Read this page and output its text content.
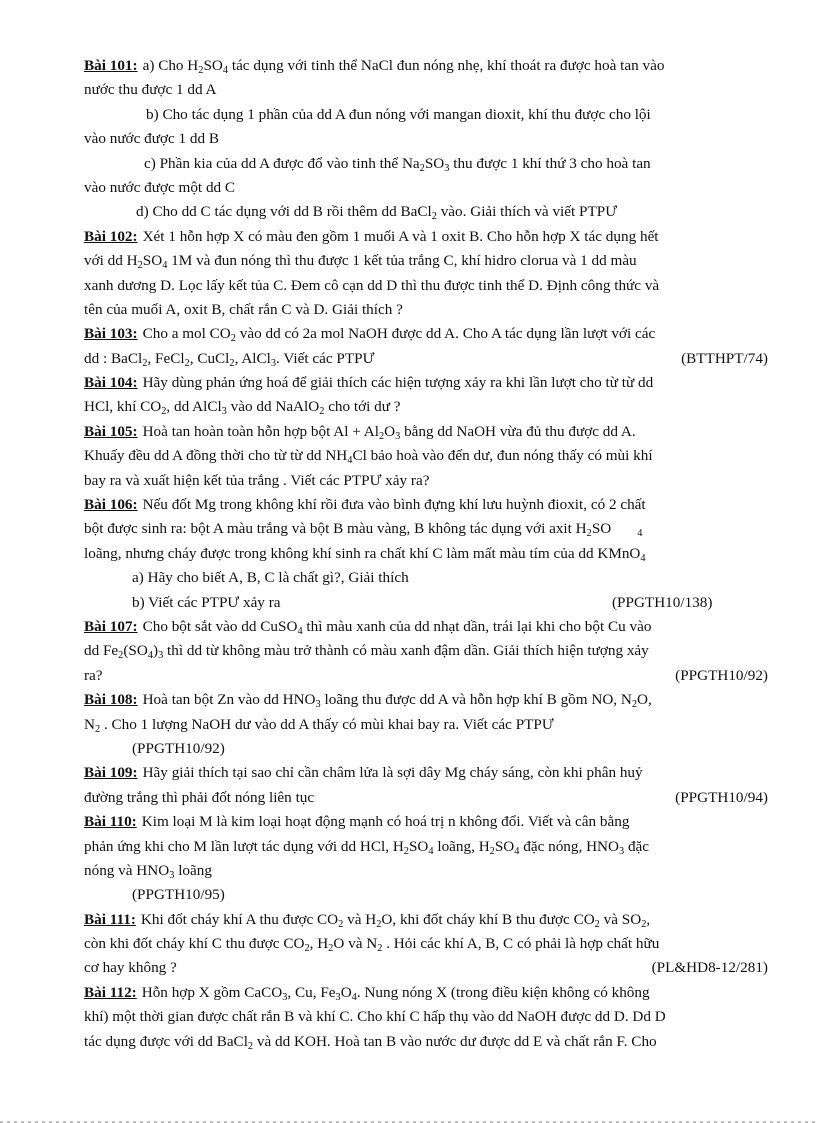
Bài 101: a) Cho $H_2SO_4$ tác dụng với tinh thể NaCl đun nóng nhẹ, khí thoát ra được hoà tan vào
nước thu được 1 dd A
b) Cho tác dụng 1 phần của dd A đun nóng với mangan dioxit, khí thu được cho lội
vào nước được 1 dd B
c) Phần kia của dd A được đổ vào tinh thể $Na_2SO_3$ thu được 1 khí thứ 3 cho hoà tan
vào nước được một dd C
d) Cho dd C tác dụng với dd B rồi thêm dd BaCl$_2$ vào. Giải thích và viết PTPƯ
Bài 102: Xét 1 hỗn hợp X có màu đen gồm 1 muối A và 1 oxit B. Cho hỗn hợp X tác dụng hết
với dd $H_2SO_4$ 1M và đun nóng thì thu được 1 kết tủa trắng C, khí hidro clorua và 1 dd màu
xanh dương D. Lọc lấy kết tủa C. Đem cô cạn dd D thì thu được tinh thể D. Định công thức và
tên của muối A, oxit B, chất rắn C và D. Giải thích ?
Bài 103: Cho a mol $CO_2$ vào dd có 2a mol NaOH được dd A. Cho A tác dụng lần lượt với các
dd : BaCl$_2$, FeCl$_2$, CuCl$_2$, AlCl$_3$. Viết các PTPƯ	(BTTHPT/74)
Bài 104: Hãy dùng phản ứng hoá để giải thích các hiện tượng xảy ra khi lần lượt cho từ từ dd
HCl, khí $CO_2$, dd AlCl$_3$ vào dd NaAlO$_2$ cho tới dư ?
Bài 105: Hoà tan hoàn toàn hỗn hợp bột $Al + Al_2O_3$ bằng dd NaOH vừa đủ thu được dd A.
Khuấy đều dd A đồng thời cho từ từ dd $NH_4Cl$ bảo hoà vào đến dư, đun nóng thấy có mùi khí
bay ra và xuất hiện kết tủa trắng . Viết các PTPƯ xảy ra?
Bài 106: Nếu đốt Mg trong không khí rồi đưa vào bình đựng khí lưu huỳnh đioxit, có 2 chất
bột được sinh ra: bột A màu trắng và bột B màu vàng, B không tác dụng với axit $H_2SO$	$_4$
loãng, nhưng cháy được trong không khí sinh ra chất khí C làm mất màu tím của dd KMnO$_4$
a) Hãy cho biết A, B, C là chất gì?, Giải thích
b) Viết các PTPƯ xảy ra	(PPGTH10/138)
Bài 107: Cho bột sắt vào dd CuSO$_4$ thì màu xanh của dd nhạt dần, trái lại khi cho bột Cu vào
dd $Fe_2(SO_4)_3$ thì dd từ không màu trở thành có màu xanh đậm dần. Giải thích hiện tượng xảy
ra?	(PPGTH10/92)
Bài 108: Hoà tan bột Zn vào dd $HNO_3$ loãng thu được dd A và hỗn hợp khí B gồm NO, $N_2O$,
$N_2$ . Cho 1 lượng NaOH dư vào dd A thấy có mùi khai bay ra. Viết các PTPƯ
(PPGTH10/92)
Bài 109: Hãy giải thích tại sao chỉ cần châm lửa là sợi dây Mg cháy sáng, còn khi phân huỷ
đường trắng thì phải đốt nóng liên tục	(PPGTH10/94)
Bài 110: Kim loại M là kim loại hoạt động mạnh có hoá trị n không đổi. Viết và cân bằng
phản ứng khi cho M lần lượt tác dụng với dd HCl, $H_2SO_4$ loãng, $H_2SO_4$ đặc nóng, $HNO_3$ đặc
nóng và $HNO_3$ loãng
(PPGTH10/95)
Bài 111: Khi đốt cháy khí A thu được $CO_2$ và $H_2O$, khi đốt cháy khí B thu được $CO_2$ và $SO_2$,
còn khi đốt cháy khí C thu được $CO_2$, $H_2O$ và $N_2$ . Hỏi các khí A, B, C có phải là hợp chất hữu
cơ hay không ?	(PL&HD8-12/281)
Bài 112: Hỗn hợp X gồm CaCO$_3$, Cu, $Fe_3O_4$. Nung nóng X (trong điều kiện không có không
khí) một thời gian được chất rắn B và khí C. Cho khí C hấp thụ vào dd NaOH được dd D. Dd D
tác dụng được với dd BaCl$_2$ và dd KOH. Hoà tan B vào nước dư được dd E và chất rắn F. Cho
